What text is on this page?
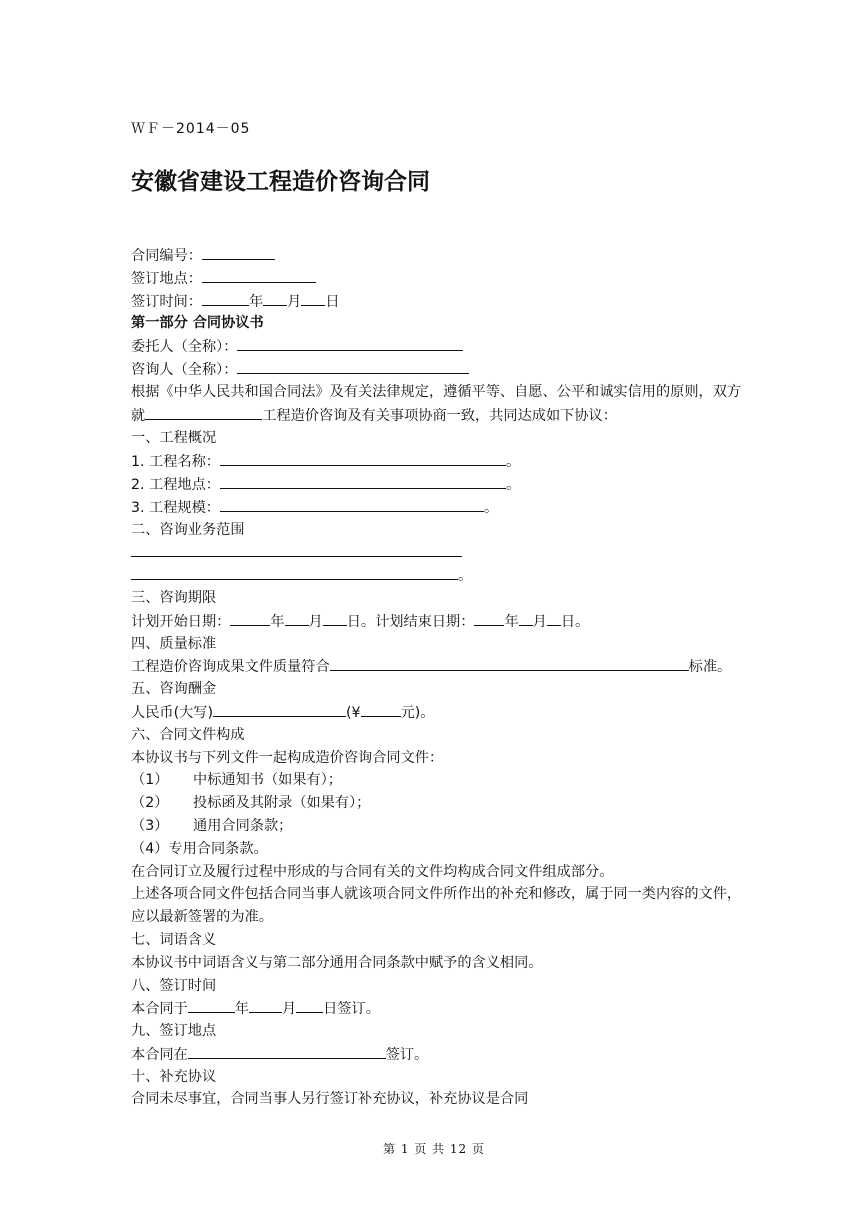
ＷＦ－2014－05
安徽省建设工程造价咨询合同
合同编号：
签订地点：
签订时间：	年 月 日
第一部分 合同协议书
委托人（全称）：
咨询人（全称）：
根据《中华人民共和国合同法》及有关法律规定，遵循平等、自愿、公平和诚实信用的原则，双方就	工程造价咨询及有关事项协商一致，共同达成如下协议：
一、工程概况
1. 工程名称：	。
2. 工程地点：	。
3. 工程规模：	。
二、咨询业务范围
。
三、咨询期限
计划开始日期：	年 月 日。计划结束日期： 年 月 日。
四、质量标准
工程造价咨询成果文件质量符合	标准。
五、咨询酬金
人民币(大写)	(¥	元)。
六、合同文件构成
本协议书与下列文件一起构成造价咨询合同文件：
（1） 中标通知书（如果有）；
（2） 投标函及其附录（如果有）；
（3） 通用合同条款；
（4）专用合同条款。
在合同订立及履行过程中形成的与合同有关的文件均构成合同文件组成部分。
上述各项合同文件包括合同当事人就该项合同文件所作出的补充和修改，属于同一类内容的文件，应以最新签署的为准。
七、词语含义
本协议书中词语含义与第二部分通用合同条款中赋予的含义相同。
八、签订时间
本合同于	年 月 日签订。
九、签订地点
本合同在	签订。
十、补充协议
合同未尽事宜，合同当事人另行签订补充协议，补充协议是合同
第 1 页 共 12 页
